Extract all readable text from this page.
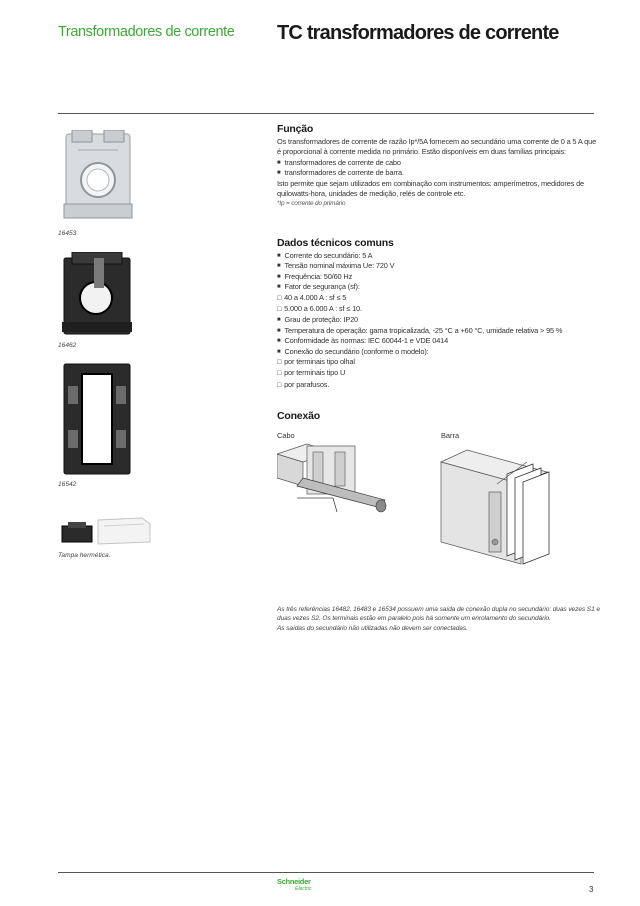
Transformadores de corrente TC transformadores de corrente
16453
16462
16542
Tampa hermética.
Função

Os transformadores de corrente de razão Ip*/5A fornecem ao secundário uma corrente de 0 a 5 A que é proporcional à corrente medida no primário. Estão disponíveis em duas famílias principais:

■ transformadores de corrente de cabo

■ transformadores de corrente de barra.

Isto permite que sejam utilizados em combinação com instrumentos: amperímetros, medidores de quilowatts-hora, unidades de medição, relés de controle etc.

*Ip = corrente do primário

Dados técnicos comuns

■ Corrente do secundário: 5 A

■ Tensão nominal máxima Ue: 720 V

■ Frequência: 50/60 Hz

■ Fator de segurança (sf):

□ 40 a 4.000 A : sf ≤ 5

□ 5.000 a 6.000 A : sf ≤ 10.

■ Grau de proteção: IP20

■ Temperatura de operação: gama tropicalizada, -25 °C a +60 °C, umidade relativa > 95 %

■ Conformidade às normas: IEC 60044-1 e VDE 0414

■ Conexão do secundário (conforme o modelo):

□ por terminais tipo olhal

□ por terminais tipo U

□ por parafusos.

Conexão
Cabo	Barra

As três referências 16482, 16483 e 16534 possuem uma saída de conexão dupla no secundário: duas vezes S1 e duas vezes S2. Os terminais estão em paralelo pois há somente um enrolamento do secundário.

As saídas do secundário não utilizadas não devem ser conectadas.

Schneider
Electric	3
